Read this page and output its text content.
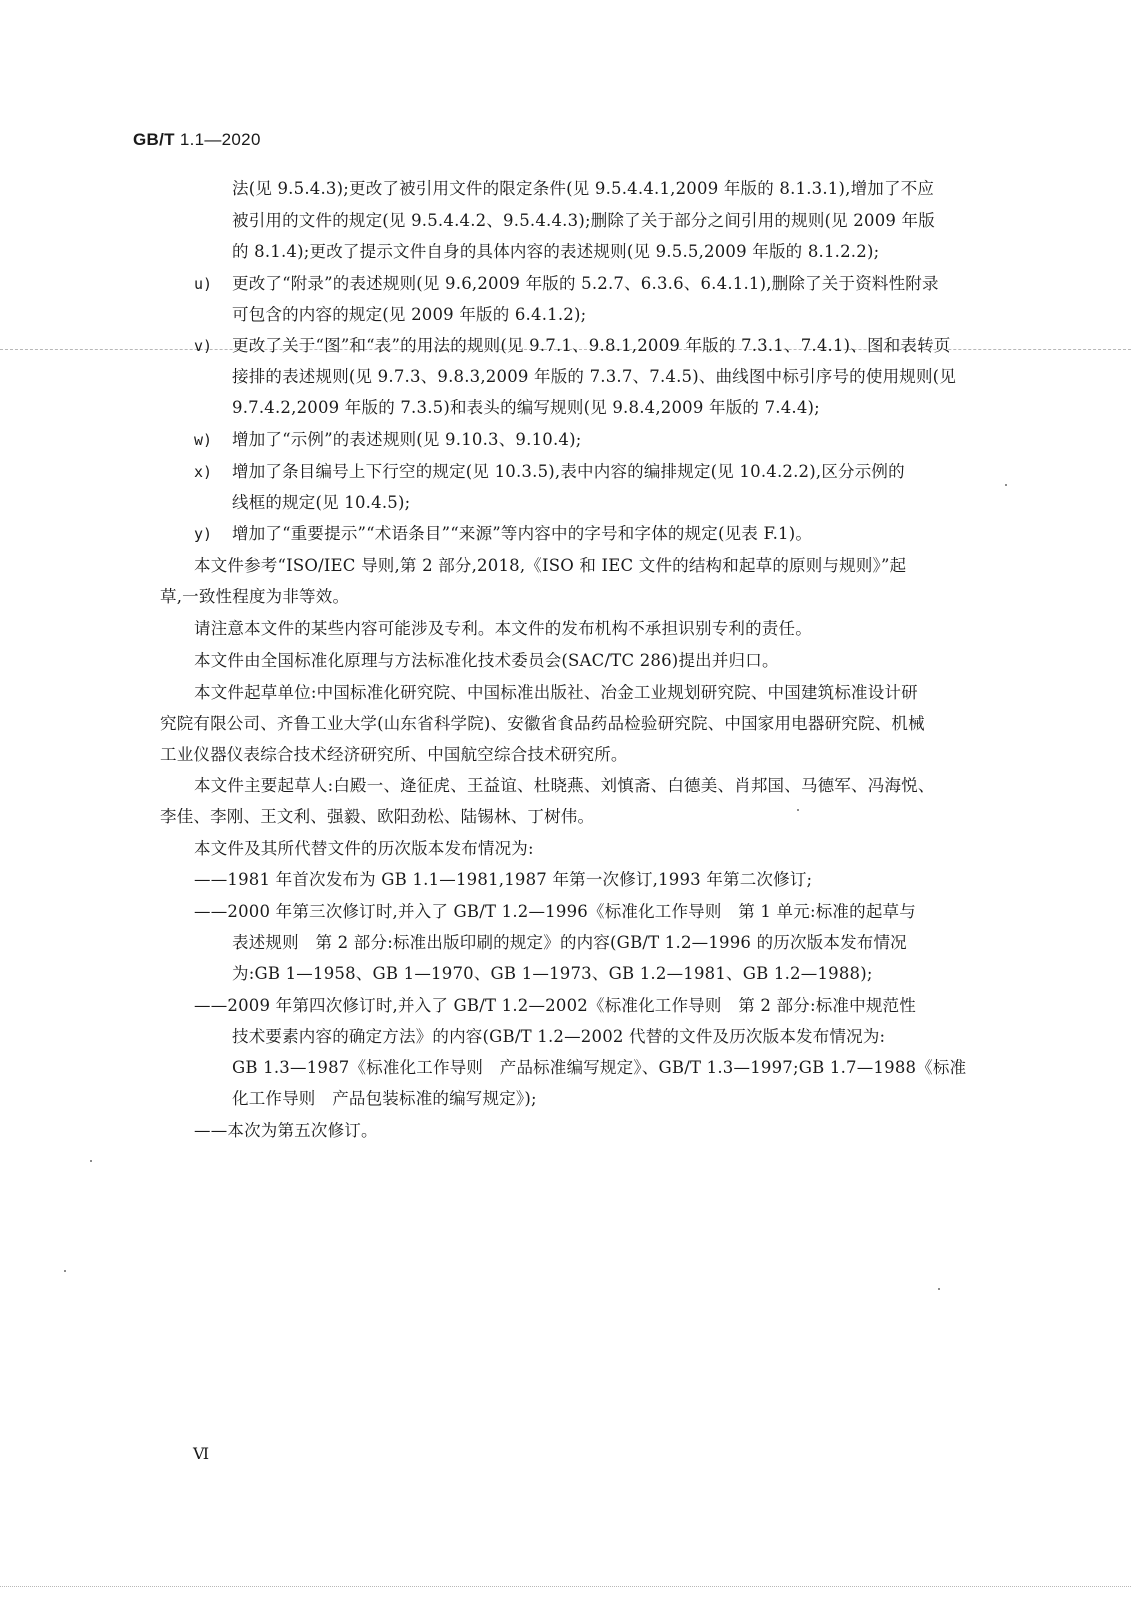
GB/T 1.1—2020
法(见 9.5.4.3);更改了被引用文件的限定条件(见 9.5.4.4.1,2009 年版的 8.1.3.1),增加了不应
被引用的文件的规定(见 9.5.4.4.2、9.5.4.4.3);删除了关于部分之间引用的规则(见 2009 年版
的 8.1.4);更改了提示文件自身的具体内容的表述规则(见 9.5.5,2009 年版的 8.1.2.2);
u) 更改了“附录”的表述规则(见 9.6,2009 年版的 5.2.7、6.3.6、6.4.1.1),删除了关于资料性附录
可包含的内容的规定(见 2009 年版的 6.4.1.2);
v) 更改了关于“图”和“表”的用法的规则(见 9.7.1、9.8.1,2009 年版的 7.3.1、7.4.1)、图和表转页
接排的表述规则(见 9.7.3、9.8.3,2009 年版的 7.3.7、7.4.5)、曲线图中标引序号的使用规则(见
9.7.4.2,2009 年版的 7.3.5)和表头的编写规则(见 9.8.4,2009 年版的 7.4.4);
w) 增加了“示例”的表述规则(见 9.10.3、9.10.4);
x) 增加了条目编号上下行空的规定(见 10.3.5),表中内容的编排规定(见 10.4.2.2),区分示例的
线框的规定(见 10.4.5);
y) 增加了“重要提示”“术语条目”“来源”等内容中的字号和字体的规定(见表 F.1)。
本文件参考“ISO/IEC 导则,第 2 部分,2018,《ISO 和 IEC 文件的结构和起草的原则与规则》”起
草,一致性程度为非等效。
请注意本文件的某些内容可能涉及专利。本文件的发布机构不承担识别专利的责任。
本文件由全国标准化原理与方法标准化技术委员会(SAC/TC 286)提出并归口。
本文件起草单位:中国标准化研究院、中国标准出版社、冶金工业规划研究院、中国建筑标准设计研
究院有限公司、齐鲁工业大学(山东省科学院)、安徽省食品药品检验研究院、中国家用电器研究院、机械
工业仪器仪表综合技术经济研究所、中国航空综合技术研究所。
本文件主要起草人:白殿一、逄征虎、王益谊、杜晓燕、刘慎斋、白德美、肖邦国、马德军、冯海悦、
李佳、李刚、王文利、强毅、欧阳劲松、陆锡林、丁树伟。
本文件及其所代替文件的历次版本发布情况为:
——1981 年首次发布为 GB 1.1—1981,1987 年第一次修订,1993 年第二次修订;
——2000 年第三次修订时,并入了 GB/T 1.2—1996《标准化工作导则　第 1 单元:标准的起草与
表述规则　第 2 部分:标准出版印刷的规定》的内容(GB/T 1.2—1996 的历次版本发布情况
为:GB 1—1958、GB 1—1970、GB 1—1973、GB 1.2—1981、GB 1.2—1988);
——2009 年第四次修订时,并入了 GB/T 1.2—2002《标准化工作导则　第 2 部分:标准中规范性
技术要素内容的确定方法》的内容(GB/T 1.2—2002 代替的文件及历次版本发布情况为:
GB 1.3—1987《标准化工作导则　产品标准编写规定》、GB/T 1.3—1997;GB 1.7—1988《标准
化工作导则　产品包装标准的编写规定》);
——本次为第五次修订。
Ⅵ
